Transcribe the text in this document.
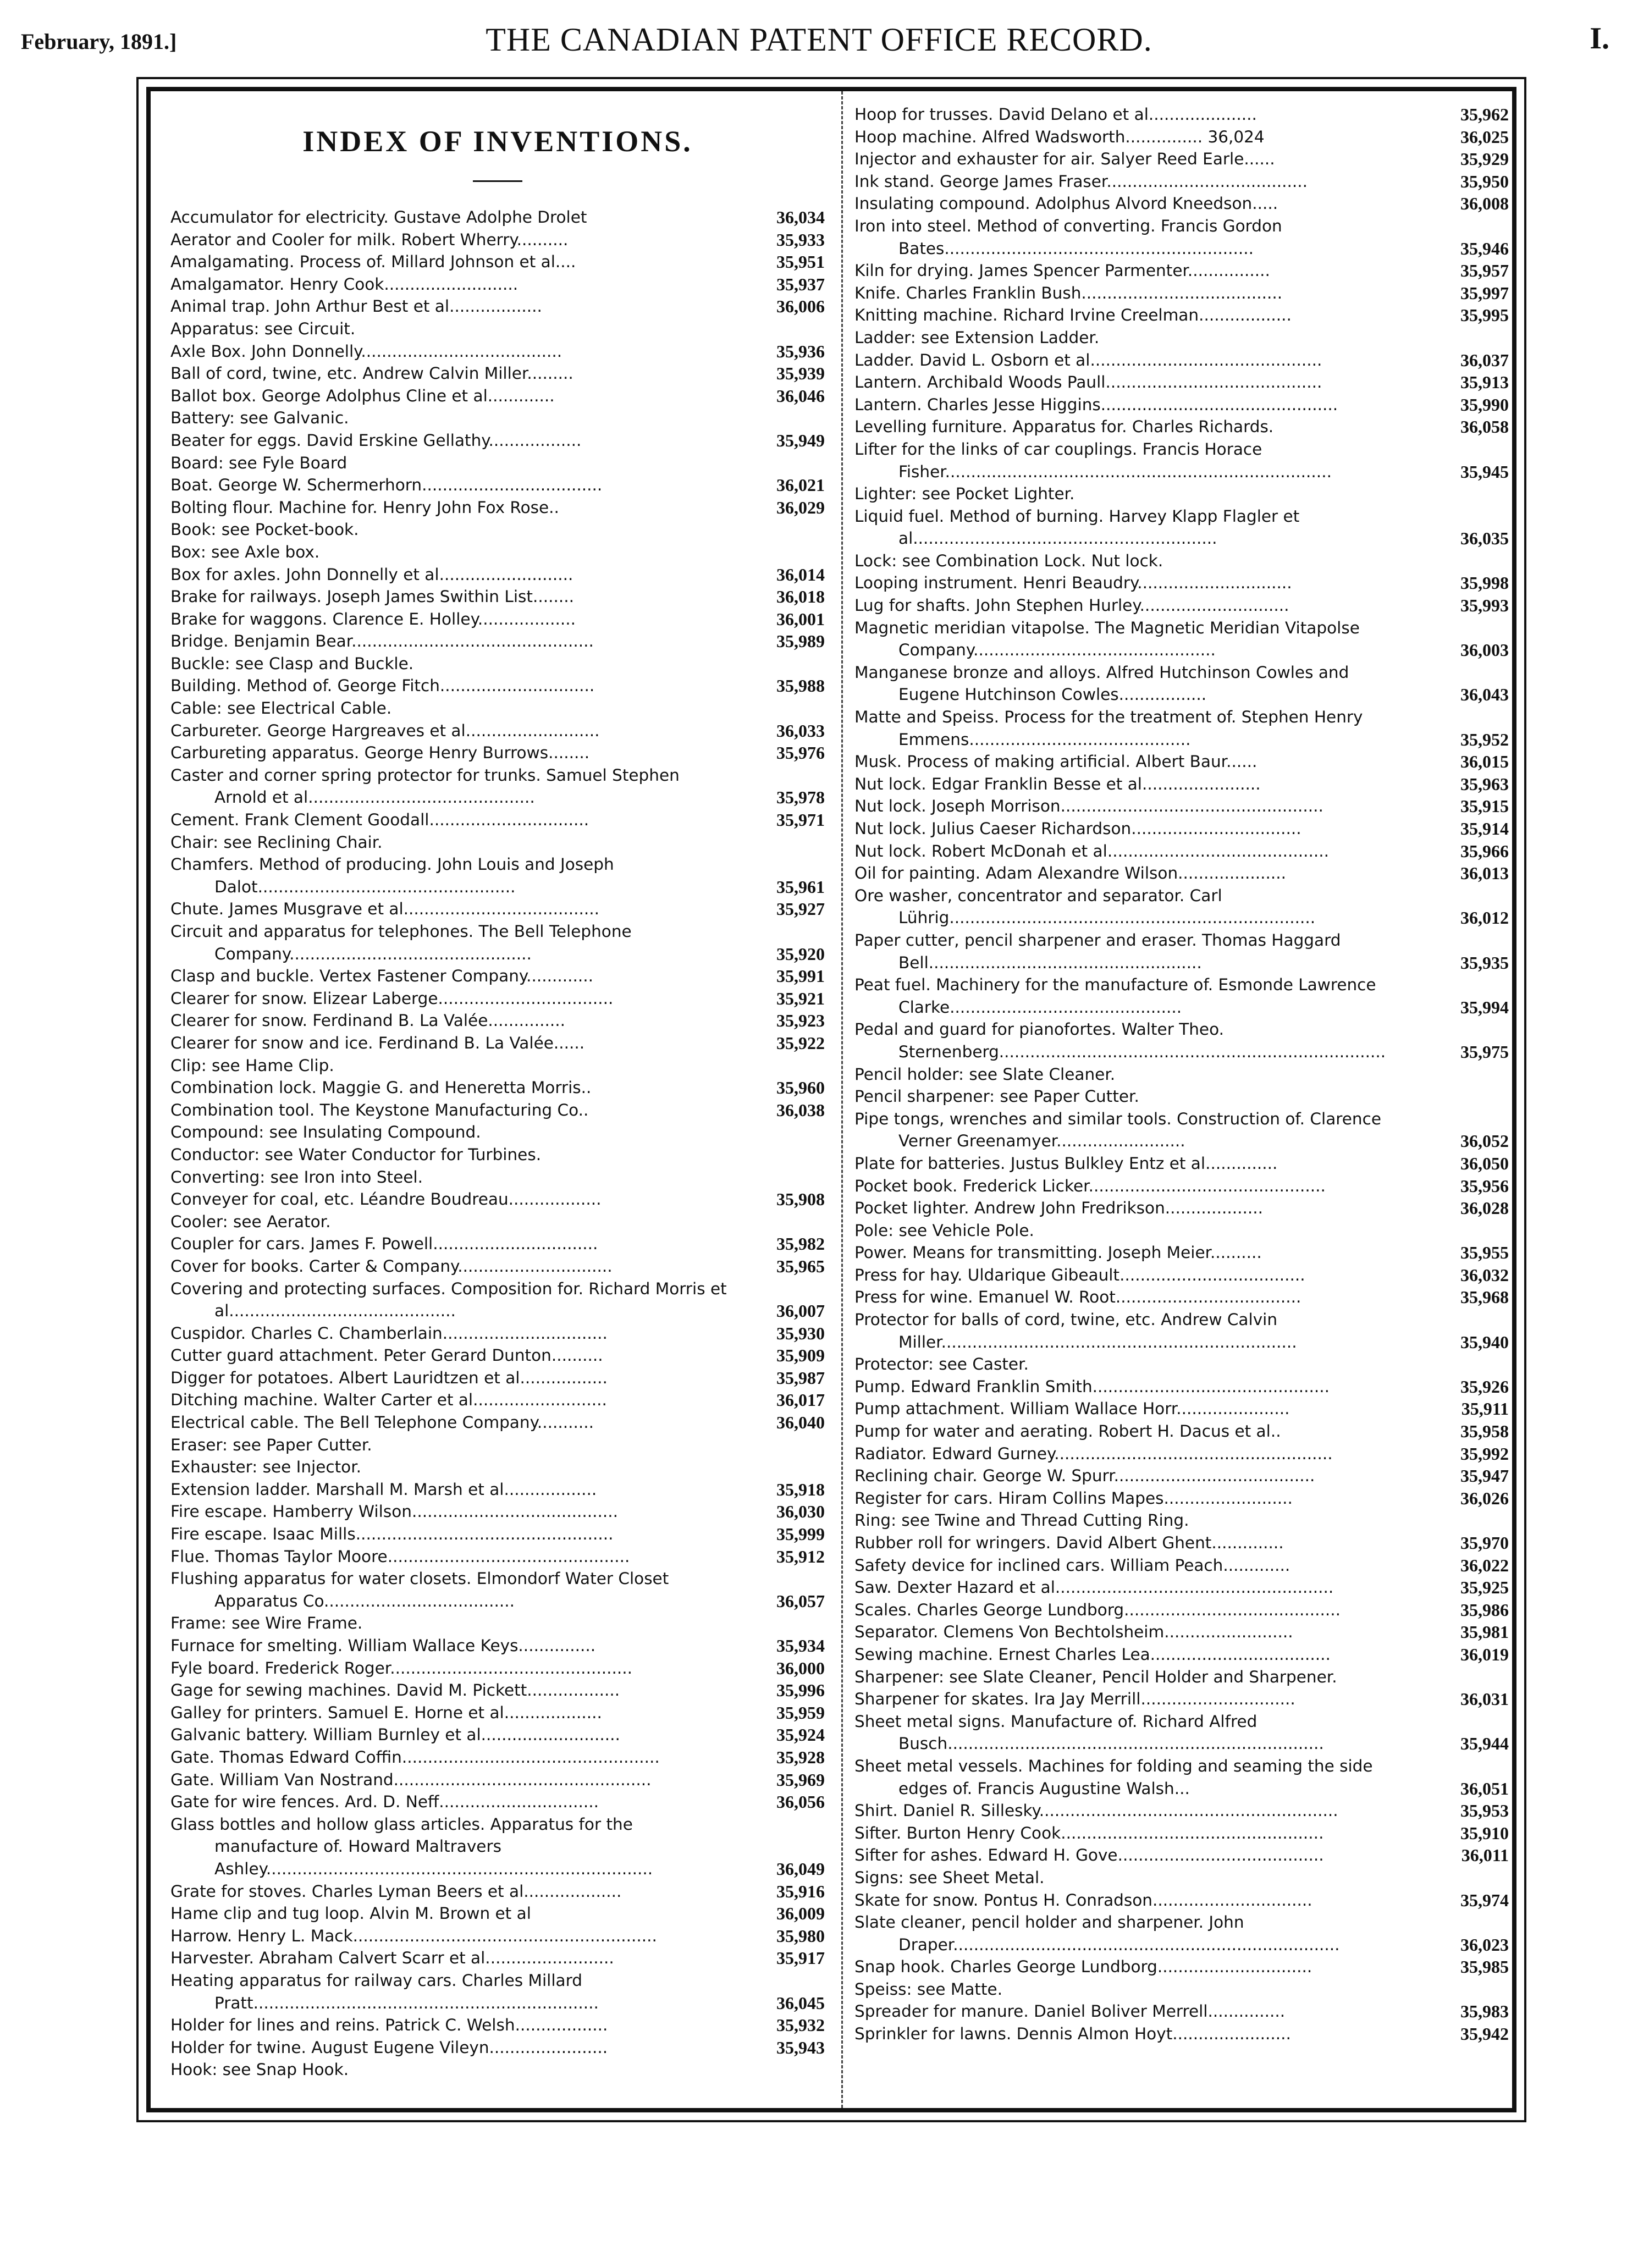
February, 1891.]	THE CANADIAN PATENT OFFICE RECORD.	I.
INDEX OF INVENTIONS.
Accumulator for electricity. Gustave Adolphe Drolet	36,034
Aerator and Cooler for milk. Robert Wherry..........	35,933
Amalgamating. Process of. Millard Johnson et al....	35,951
Amalgamator. Henry Cook..........................	35,937
Animal trap. John Arthur Best et al..................	36,006
Apparatus: see Circuit.
Axle Box. John Donnelly.......................................	35,936
Ball of cord, twine, etc. Andrew Calvin Miller.........	35,939
Ballot box. George Adolphus Cline et al.............	36,046
Battery: see Galvanic.
Beater for eggs. David Erskine Gellathy..................	35,949
Board: see Fyle Board
Boat. George W. Schermerhorn...................................	36,021
Bolting flour. Machine for. Henry John Fox Rose..	36,029
Book: see Pocket-book.
Box: see Axle box.
Box for axles. John Donnelly et al..........................	36,014
Brake for railways. Joseph James Swithin List........	36,018
Brake for waggons. Clarence E. Holley...................	36,001
Bridge. Benjamin Bear...............................................	35,989
Buckle: see Clasp and Buckle.
Building. Method of. George Fitch..............................	35,988
Cable: see Electrical Cable.
Carbureter. George Hargreaves et al..........................	36,033
Carbureting apparatus. George Henry Burrows........	35,976
Caster and corner spring protector for trunks. Samuel Stephen Arnold et al............................................	35,978
Cement. Frank Clement Goodall...............................	35,971
Chair: see Reclining Chair.
Chamfers. Method of producing. John Louis and Joseph Dalot..................................................	35,961
Chute. James Musgrave et al......................................	35,927
Circuit and apparatus for telephones. The Bell Telephone Company...............................................	35,920
Clasp and buckle. Vertex Fastener Company.............	35,991
Clearer for snow. Elizear Laberge..................................	35,921
Clearer for snow. Ferdinand B. La Valée...............	35,923
Clearer for snow and ice. Ferdinand B. La Valée......	35,922
Clip: see Hame Clip.
Combination lock. Maggie G. and Heneretta Morris..	35,960
Combination tool. The Keystone Manufacturing Co..	36,038
Compound: see Insulating Compound.
Conductor: see Water Conductor for Turbines.
Converting: see Iron into Steel.
Conveyer for coal, etc. Léandre Boudreau..................	35,908
Cooler: see Aerator.
Coupler for cars. James F. Powell................................	35,982
Cover for books. Carter & Company..............................	35,965
Covering and protecting surfaces. Composition for. Richard Morris et al............................................	36,007
Cuspidor. Charles C. Chamberlain................................	35,930
Cutter guard attachment. Peter Gerard Dunton..........	35,909
Digger for potatoes. Albert Lauridtzen et al.................	35,987
Ditching machine. Walter Carter et al..........................	36,017
Electrical cable. The Bell Telephone Company...........	36,040
Eraser: see Paper Cutter.
Exhauster: see Injector.
Extension ladder. Marshall M. Marsh et al..................	35,918
Fire escape. Hamberry Wilson........................................	36,030
Fire escape. Isaac Mills..................................................	35,999
Flue. Thomas Taylor Moore...............................................	35,912
Flushing apparatus for water closets. Elmondorf Water Closet Apparatus Co.....................................	36,057
Frame: see Wire Frame.
Furnace for smelting. William Wallace Keys...............	35,934
Fyle board. Frederick Roger...............................................	36,000
Gage for sewing machines. David M. Pickett..................	35,996
Galley for printers. Samuel E. Horne et al...................	35,959
Galvanic battery. William Burnley et al...........................	35,924
Gate. Thomas Edward Coffin..................................................	35,928
Gate. William Van Nostrand..................................................	35,969
Gate for wire fences. Ard. D. Neff...............................	36,056
Glass bottles and hollow glass articles. Apparatus for the manufacture of. Howard Maltravers Ashley...........................................................................	36,049
Grate for stoves. Charles Lyman Beers et al...................	35,916
Hame clip and tug loop. Alvin M. Brown et al	36,009
Harrow. Henry L. Mack...........................................................	35,980
Harvester. Abraham Calvert Scarr et al.........................	35,917
Heating apparatus for railway cars. Charles Millard Pratt...................................................................	36,045
Holder for lines and reins. Patrick C. Welsh..................	35,932
Holder for twine. August Eugene Vileyn.......................	35,943
Hook: see Snap Hook.
Hoop for trusses. David Delano et al.....................	35,962
Hoop machine. Alfred Wadsworth............... 36,024	36,025
Injector and exhauster for air. Salyer Reed Earle......	35,929
Ink stand. George James Fraser.......................................	35,950
Insulating compound. Adolphus Alvord Kneedson.....	36,008
Iron into steel. Method of converting. Francis Gordon Bates............................................................	35,946
Kiln for drying. James Spencer Parmenter................	35,957
Knife. Charles Franklin Bush.......................................	35,997
Knitting machine. Richard Irvine Creelman..................	35,995
Ladder: see Extension Ladder.
Ladder. David L. Osborn et al.............................................	36,037
Lantern. Archibald Woods Paull..........................................	35,913
Lantern. Charles Jesse Higgins..............................................	35,990
Levelling furniture. Apparatus for. Charles Richards.	36,058
Lifter for the links of car couplings. Francis Horace Fisher...........................................................................	35,945
Lighter: see Pocket Lighter.
Liquid fuel. Method of burning. Harvey Klapp Flagler et al...........................................................	36,035
Lock: see Combination Lock. Nut lock.
Looping instrument. Henri Beaudry..............................	35,998
Lug for shafts. John Stephen Hurley.............................	35,993
Magnetic meridian vitapolse. The Magnetic Meridian Vitapolse Company...............................................	36,003
Manganese bronze and alloys. Alfred Hutchinson Cowles and Eugene Hutchinson Cowles.................	36,043
Matte and Speiss. Process for the treatment of. Stephen Henry Emmens...........................................	35,952
Musk. Process of making artificial. Albert Baur......	36,015
Nut lock. Edgar Franklin Besse et al.......................	35,963
Nut lock. Joseph Morrison...................................................	35,915
Nut lock. Julius Caeser Richardson.................................	35,914
Nut lock. Robert McDonah et al...........................................	35,966
Oil for painting. Adam Alexandre Wilson.....................	36,013
Ore washer, concentrator and separator. Carl Lührig.......................................................................	36,012
Paper cutter, pencil sharpener and eraser. Thomas Haggard Bell.....................................................	35,935
Peat fuel. Machinery for the manufacture of. Esmonde Lawrence Clarke.............................................	35,994
Pedal and guard for pianofortes. Walter Theo. Sternenberg...........................................................................	35,975
Pencil holder: see Slate Cleaner.
Pencil sharpener: see Paper Cutter.
Pipe tongs, wrenches and similar tools. Construction of. Clarence Verner Greenamyer.........................	36,052
Plate for batteries. Justus Bulkley Entz et al..............	36,050
Pocket book. Frederick Licker..............................................	35,956
Pocket lighter. Andrew John Fredrikson...................	36,028
Pole: see Vehicle Pole.
Power. Means for transmitting. Joseph Meier..........	35,955
Press for hay. Uldarique Gibeault....................................	36,032
Press for wine. Emanuel W. Root....................................	35,968
Protector for balls of cord, twine, etc. Andrew Calvin Miller.....................................................................	35,940
Protector: see Caster.
Pump. Edward Franklin Smith..............................................	35,926
Pump attachment. William Wallace Horr......................	35,911
Pump for water and aerating. Robert H. Dacus et al..	35,958
Radiator. Edward Gurney......................................................	35,992
Reclining chair. George W. Spurr.......................................	35,947
Register for cars. Hiram Collins Mapes.........................	36,026
Ring: see Twine and Thread Cutting Ring.
Rubber roll for wringers. David Albert Ghent..............	35,970
Safety device for inclined cars. William Peach.............	36,022
Saw. Dexter Hazard et al......................................................	35,925
Scales. Charles George Lundborg..........................................	35,986
Separator. Clemens Von Bechtolsheim.........................	35,981
Sewing machine. Ernest Charles Lea...................................	36,019
Sharpener: see Slate Cleaner, Pencil Holder and Sharpener.
Sharpener for skates. Ira Jay Merrill..............................	36,031
Sheet metal signs. Manufacture of. Richard Alfred Busch.........................................................................	35,944
Sheet metal vessels. Machines for folding and seaming the side edges of. Francis Augustine Walsh...	36,051
Shirt. Daniel R. Sillesky..........................................................	35,953
Sifter. Burton Henry Cook...................................................	35,910
Sifter for ashes. Edward H. Gove........................................	36,011
Signs: see Sheet Metal.
Skate for snow. Pontus H. Conradson...............................	35,974
Slate cleaner, pencil holder and sharpener. John Draper...........................................................................	36,023
Snap hook. Charles George Lundborg..............................	35,985
Speiss: see Matte.
Spreader for manure. Daniel Boliver Merrell...............	35,983
Sprinkler for lawns. Dennis Almon Hoyt.......................	35,942
